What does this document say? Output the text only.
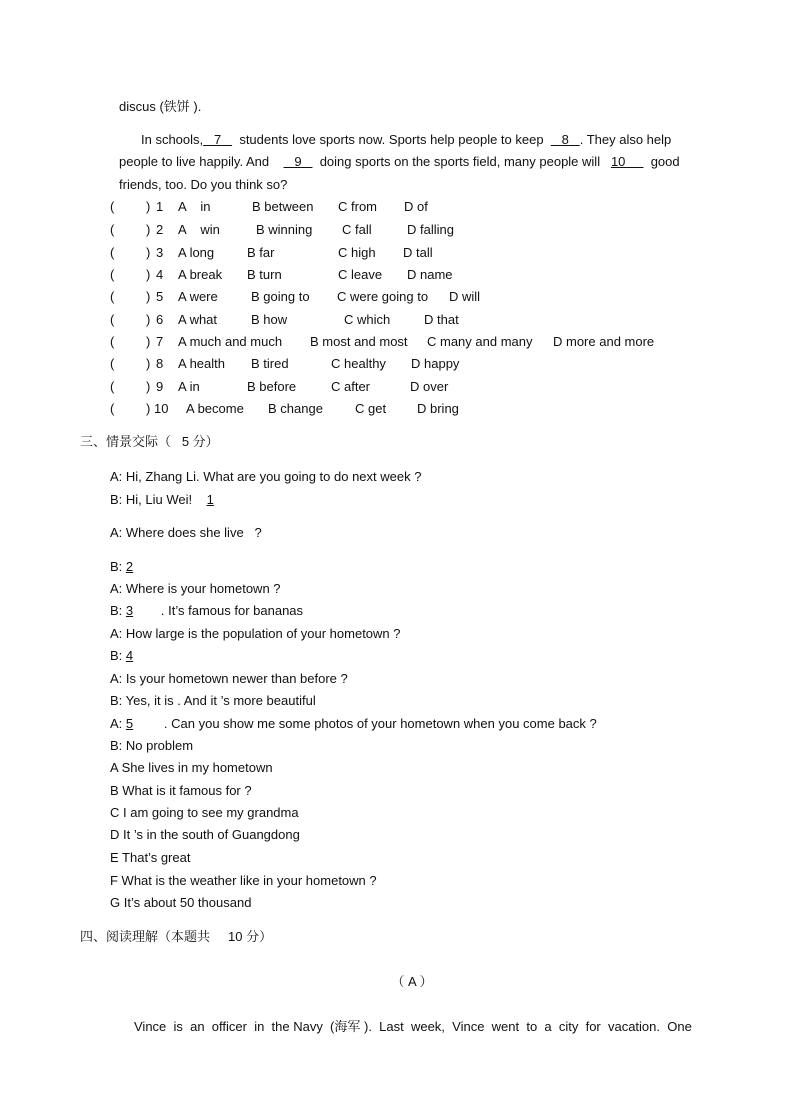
discus (铁饼 ).
In schools, 7 students love sports now. Sports help people to keep 8 . They also help
people to live happily. And 9 doing sports on the sports field, many people will 10 good
friends, too. Do you think so?
( ) 1 A    in	B between C from D of
( ) 2 A    win	B winning C fall	D falling
( ) 3 A long	B far	C high D tall
( ) 4 A break B turn	C leave D name
( ) 5 A were	B going to C were going to D will
( ) 6 A what	B how	C which	D that
( ) 7 A much and much B most and most C many and many D more and more
( ) 8 A health B tired	C healthy D happy
( ) 9 A in	B before	C after	D over
( ) 10 A become B change C get D bring
三、情景交际（   5 分）
A: Hi, Zhang Li. What are you going to do next week ?
B: Hi, Liu Wei!    1
A: Where does she live   ?
B: 2
A: Where is your hometown ?
B: 3 . It’s famous for bananas
A: How large is the population of your hometown ?
B: 4
A: Is your hometown newer than before ?
B: Yes, it is . And it ’s more beautiful
A: 5 . Can you show me some photos of your hometown when you come back ?
B: No problem
A She lives in my hometown
B What is it famous for ?
C I am going to see my grandma
D It ’s in the south of Guangdong
E That’s great
F What is the weather like in your hometown ?
G It’s about 50 thousand
四、阅读理解（本题共     10 分）
（ A ）
Vince  is  an  officer  in  the Navy  (海军 ).  Last  week,  Vince  went  to  a  city  for  vacation.  One
